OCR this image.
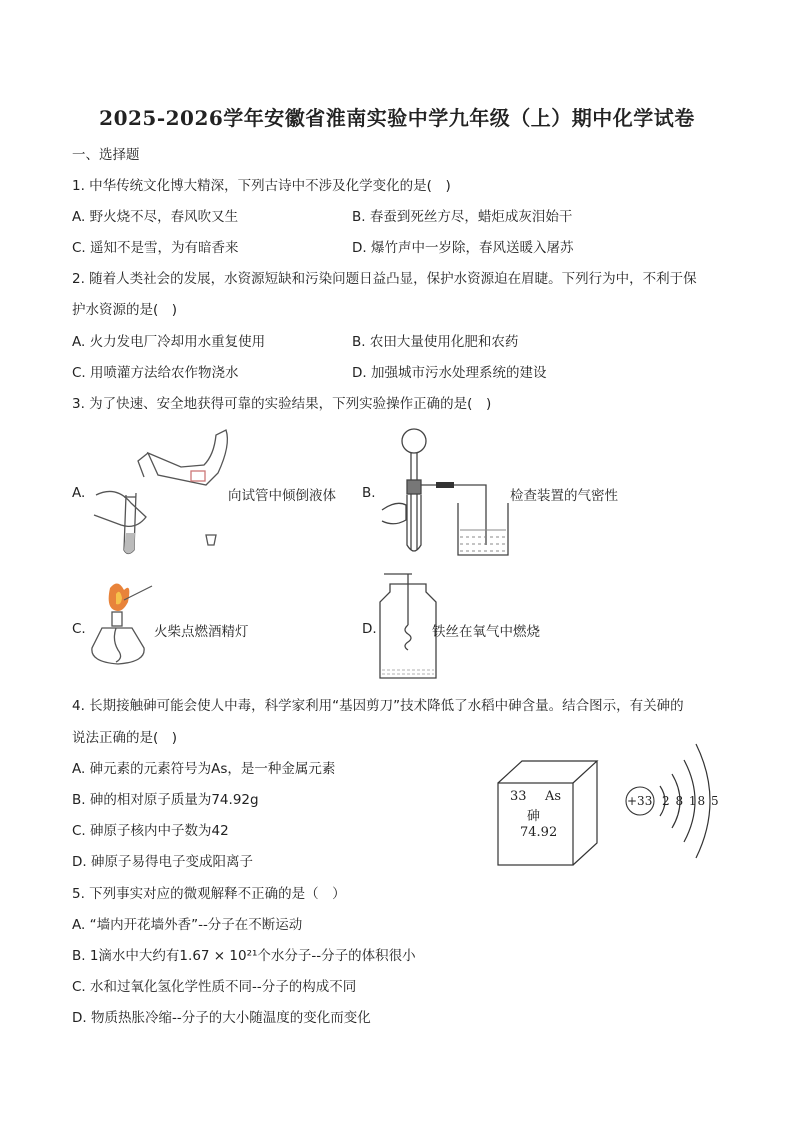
2025-2026学年安徽省淮南实验中学九年级（上）期中化学试卷
一、选择题
1. 中华传统文化博大精深，下列古诗中不涉及化学变化的是(　)
A. 野火烧不尽，春风吹又生	B. 春蚕到死丝方尽，蜡炬成灰泪始干
C. 遥知不是雪，为有暗香来	D. 爆竹声中一岁除，春风送暖入屠苏
2. 随着人类社会的发展，水资源短缺和污染问题日益凸显，保护水资源迫在眉睫。下列行为中，不利于保
护水资源的是(　)
A. 火力发电厂冷却用水重复使用	B. 农田大量使用化肥和农药
C. 用喷灌方法给农作物浇水	D. 加强城市污水处理系统的建设
3. 为了快速、安全地获得可靠的实验结果，下列实验操作正确的是(　)
A.	向试管中倾倒液体 B.	检查装置的气密性
C.	火柴点燃酒精灯	D.	铁丝在氧气中燃烧
4. 长期接触砷可能会使人中毒，科学家利用“基因剪刀”技术降低了水稻中砷含量。结合图示，有关砷的
说法正确的是(　)
A. 砷元素的元素符号为As，是一种金属元素
B. 砷的相对原子质量为74.92g
C. 砷原子核内中子数为42
D. 砷原子易得电子变成阳离子
33 As
砷
74.92
+33 2 8 18 5
5. 下列事实对应的微观解释不正确的是（　）
A. “墙内开花墙外香”--分子在不断运动
B. 1滴水中大约有1.67 × 10²¹个水分子--分子的体积很小
C. 水和过氧化氢化学性质不同--分子的构成不同
D. 物质热胀冷缩--分子的大小随温度的变化而变化
